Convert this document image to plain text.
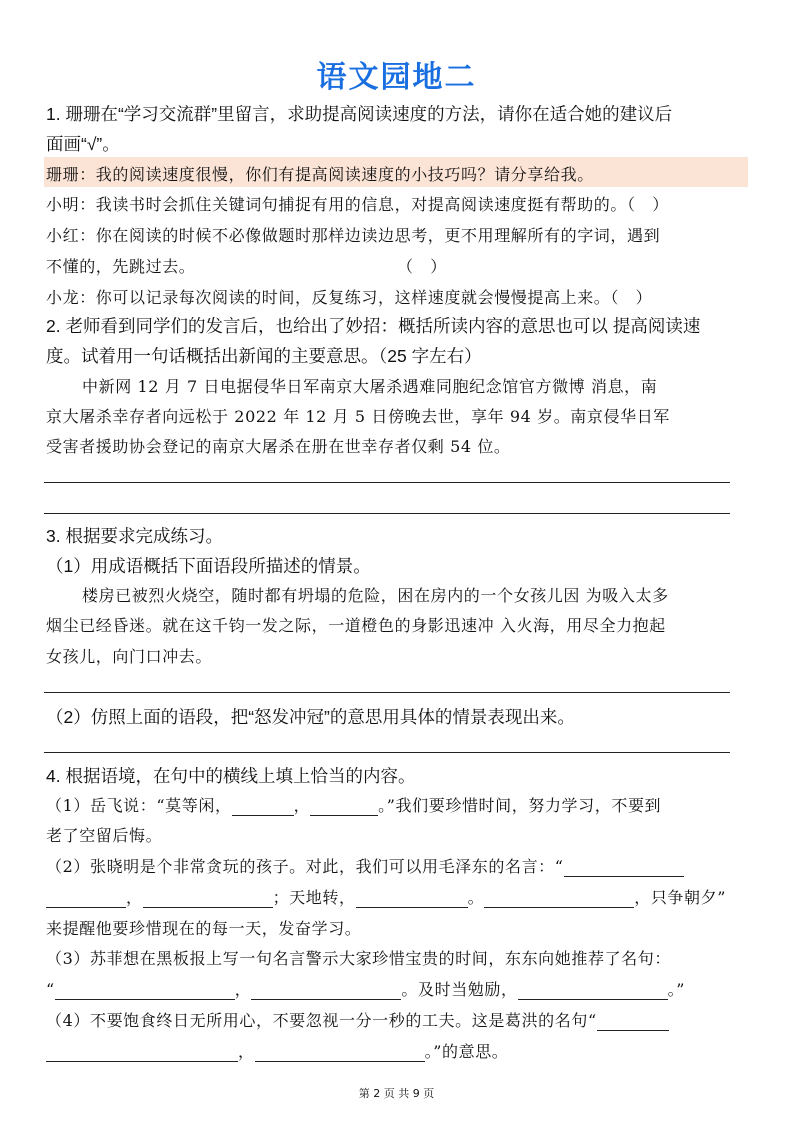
语文园地二
1. 珊珊在“学习交流群”里留言，求助提高阅读速度的方法，请你在适合她的建议后
面画“√”。
珊珊：我的阅读速度很慢，你们有提高阅读速度的小技巧吗？请分享给我。
小明：我读书时会抓住关键词句捕捉有用的信息，对提高阅读速度挺有帮助的。（　）
小红：你在阅读的时候不必像做题时那样边读边思考，更不用理解所有的字词，遇到
不懂的，先跳过去。	（　）
小龙：你可以记录每次阅读的时间，反复练习，这样速度就会慢慢提高上来。（　）
2. 老师看到同学们的发言后，也给出了妙招：概括所读内容的意思也可以 提高阅读速
度。试着用一句话概括出新闻的主要意思。（25 字左右）
中新网 12 月 7 日电据侵华日军南京大屠杀遇难同胞纪念馆官方微博 消息，南
京大屠杀幸存者向远松于 2022 年 12 月 5 日傍晚去世，享年 94 岁。南京侵华日军
受害者援助协会登记的南京大屠杀在册在世幸存者仅剩 54 位。
3. 根据要求完成练习。
（1）用成语概括下面语段所描述的情景。
楼房已被烈火烧空，随时都有坍塌的危险，困在房内的一个女孩儿因 为吸入太多
烟尘已经昏迷。就在这千钧一发之际，一道橙色的身影迅速冲 入火海，用尽全力抱起
女孩儿，向门口冲去。
（2）仿照上面的语段，把“怒发冲冠”的意思用具体的情景表现出来。
4. 根据语境，在句中的横线上填上恰当的内容。
（1）岳飞说：“莫等闲，	，	。”我们要珍惜时间，努力学习，不要到
老了空留后悔。
（2）张晓明是个非常贪玩的孩子。对此，我们可以用毛泽东的名言：“
，	；天地转，	。	，只争朝夕”
来提醒他要珍惜现在的每一天，发奋学习。
（3）苏菲想在黑板报上写一句名言警示大家珍惜宝贵的时间，东东向她推荐了名句：
“	，	。及时当勉励，	。”
（4）不要饱食终日无所用心，不要忽视一分一秒的工夫。这是葛洪的名句“
，	。”的意思。
第 2 页 共 9 页
